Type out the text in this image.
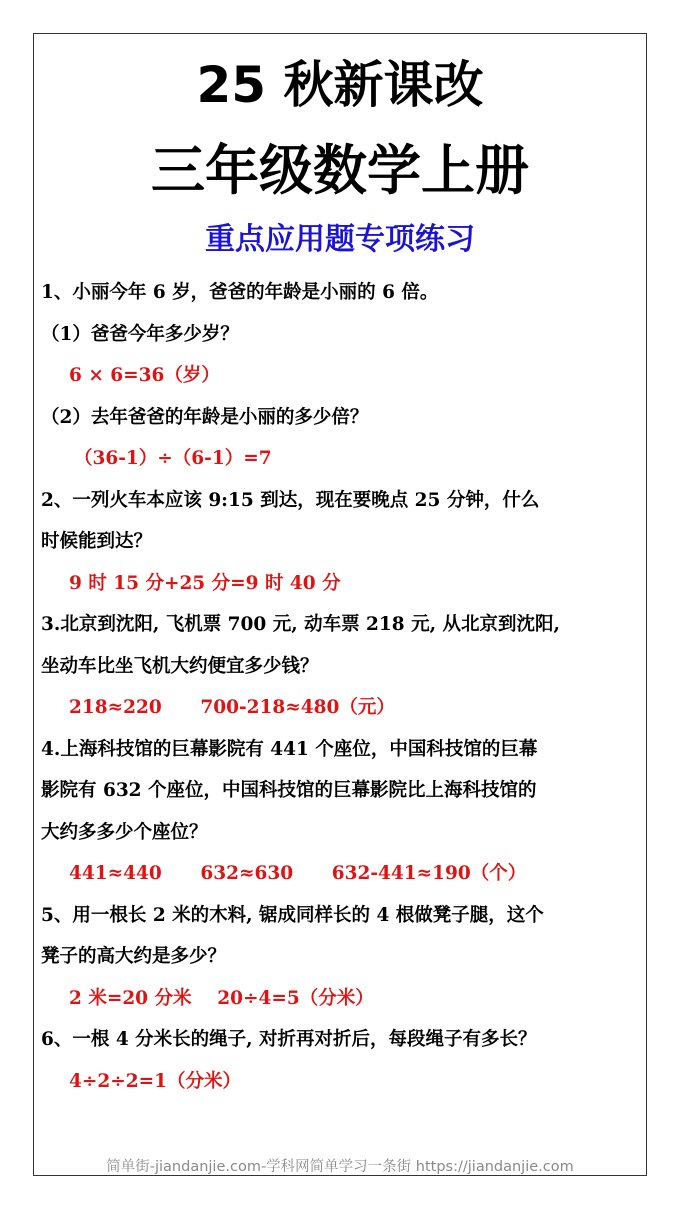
25 秋新课改
三年级数学上册
重点应用题专项练习
1、小丽今年 6 岁，爸爸的年龄是小丽的 6 倍。
（1）爸爸今年多少岁？
6 × 6=36（岁）
（2）去年爸爸的年龄是小丽的多少倍？
（36-1）÷（6-1）=7
2、一列火车本应该 9:15 到达，现在要晚点 25 分钟，什么
时候能到达？
9 时 15 分+25 分=9 时 40 分
3.北京到沈阳, 飞机票 700 元, 动车票 218 元, 从北京到沈阳,
坐动车比坐飞机大约便宜多少钱？
218≈220      700-218≈480（元）
4.上海科技馆的巨幕影院有 441 个座位，中国科技馆的巨幕
影院有 632 个座位，中国科技馆的巨幕影院比上海科技馆的
大约多多少个座位？
441≈440      632≈630      632-441≈190（个）
5、用一根长 2 米的木料, 锯成同样长的 4 根做凳子腿，这个
凳子的高大约是多少？
2 米=20 分米    20÷4=5（分米）
6、一根 4 分米长的绳子, 对折再对折后，每段绳子有多长？
4÷2÷2=1（分米）
简单街-jiandanjie.com-学科网简单学习一条街 https://jiandanjie.com
